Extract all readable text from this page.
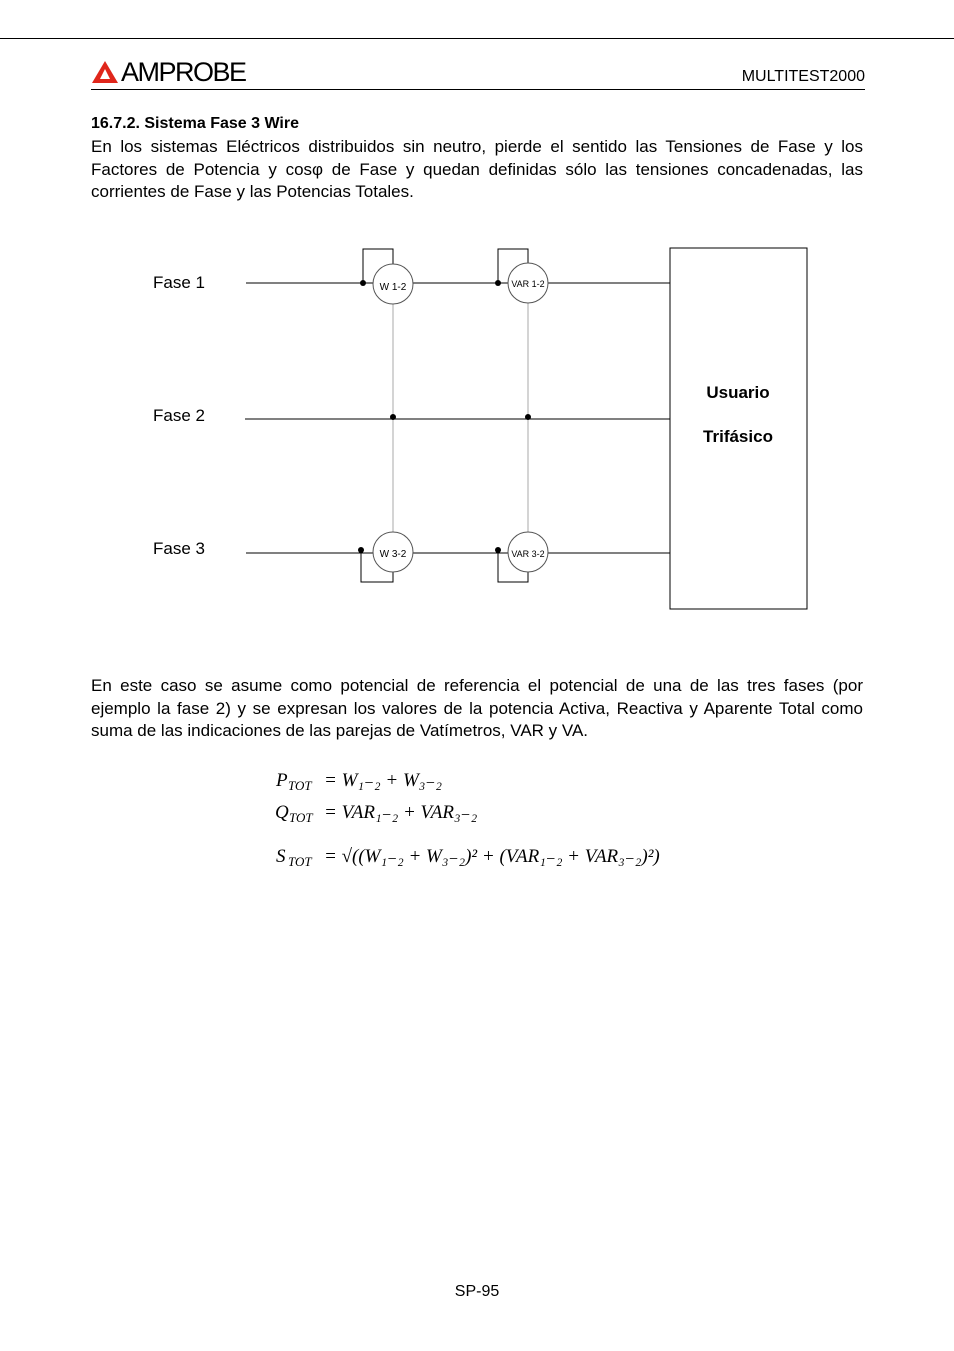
AMPROBE	MULTITEST2000
16.7.2. Sistema Fase 3 Wire
En los sistemas Eléctricos distribuidos sin neutro, pierde el sentido las Tensiones de Fase y los Factores de Potencia y cosφ de Fase y quedan definidas sólo las tensiones concadenadas, las corrientes de Fase y las Potencias Totales.
Fase 1
Fase 2
Fase 3
W 1-2	VAR 1-2
W 3-2	VAR 3-2
Usuario
Trifásico
En este caso se asume como potencial de referencia el potencial de una de las tres fases (por ejemplo la fase 2) y se expresan los valores de la potencia Activa, Reactiva y Aparente Total como suma de las indicaciones de las parejas de Vatímetros, VAR y VA.
P TOT = W₁₋₂ + W₃₋₂
Q TOT = VAR₁₋₂ + VAR₃₋₂
S TOT = √((W₁₋₂ + W₃₋₂)² + (VAR₁₋₂ + VAR₃₋₂)²)
SP-95
